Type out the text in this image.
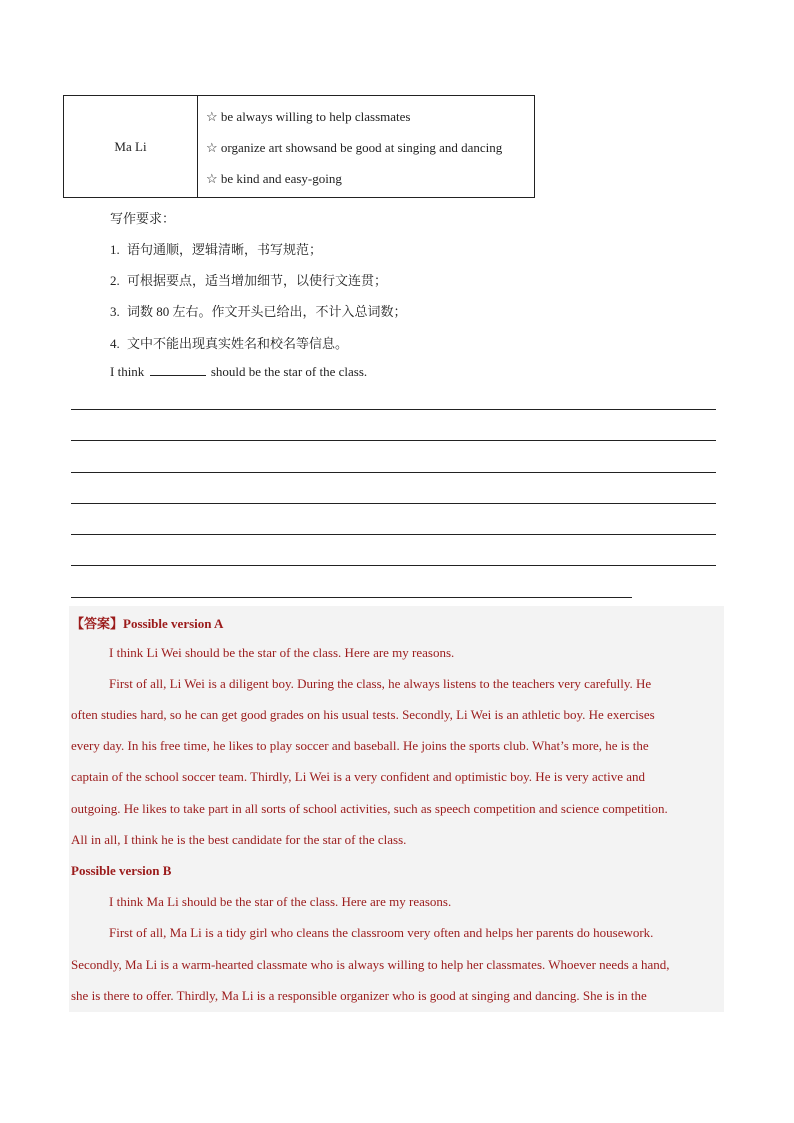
Ma Li
☆ be always willing to help classmates
☆ organize art showsand be good at singing and dancing
☆ be kind and easy-going
写作要求：
1. 语句通顺，逻辑清晰，书写规范；
2. 可根据要点，适当增加细节，以使行文连贯；
3. 词数 80 左右。作文开头已给出，不计入总词数；
4. 文中不能出现真实姓名和校名等信息。
I think	should be the star of the class.
【答案】Possible version A
I think Li Wei should be the star of the class. Here are my reasons.
First of all, Li Wei is a diligent boy. During the class, he always listens to the teachers very carefully. He
often studies hard, so he can get good grades on his usual tests. Secondly, Li Wei is an athletic boy. He exercises
every day. In his free time, he likes to play soccer and baseball. He joins the sports club. What’s more, he is the
captain of the school soccer team. Thirdly, Li Wei is a very confident and optimistic boy. He is very active and
outgoing. He likes to take part in all sorts of school activities, such as speech competition and science competition.
All in all, I think he is the best candidate for the star of the class.
Possible version B
I think Ma Li should be the star of the class. Here are my reasons.
First of all, Ma Li is a tidy girl who cleans the classroom very often and helps her parents do housework.
Secondly, Ma Li is a warm-hearted classmate who is always willing to help her classmates. Whoever needs a hand,
she is there to offer. Thirdly, Ma Li is a responsible organizer who is good at singing and dancing. She is in the
